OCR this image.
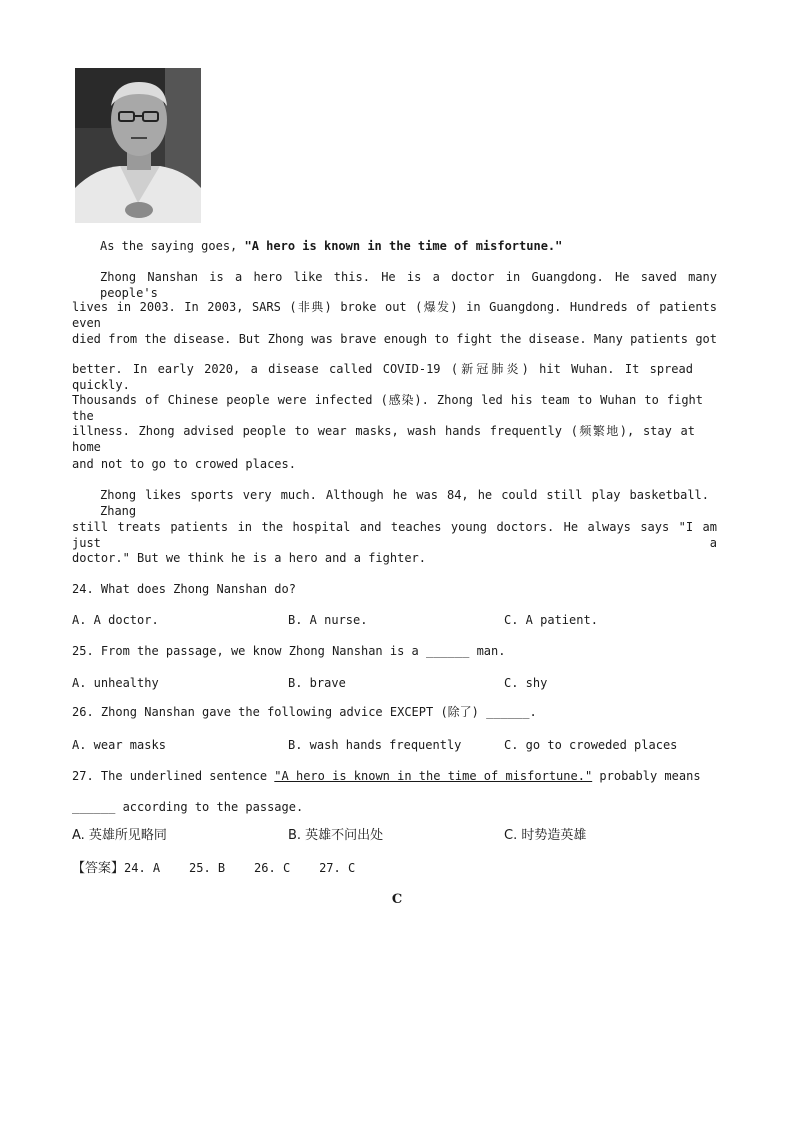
As the saying goes, "A hero is known in the time of misfortune."
Zhong Nanshan is a hero like this. He is a doctor in Guangdong. He saved many people's
lives in 2003. In 2003, SARS (非典) broke out (爆发) in Guangdong. Hundreds of patients even
died from the disease. But Zhong was brave enough to fight the disease. Many patients got
better. In early 2020, a disease called COVID-19 (新冠肺炎) hit Wuhan. It spread quickly.
Thousands of Chinese people were infected (感染). Zhong led his team to Wuhan to fight the
illness. Zhong advised people to wear masks, wash hands frequently (频繁地), stay at home
and not to go to crowed places.
Zhong likes sports very much. Although he was 84, he could still play basketball. Zhang
still treats patients in the hospital and teaches young doctors. He always says "I am just a
doctor." But we think he is a hero and a fighter.
24. What does Zhong Nanshan do?
A. A doctor.	B. A nurse.	C. A patient.
25. From the passage, we know Zhong Nanshan is a ______ man.
A. unhealthy	B. brave	C. shy
26. Zhong Nanshan gave the following advice EXCEPT (除了) ______.
A. wear masks	B. wash hands frequently	C. go to croweded places
27. The underlined sentence "A hero is known in the time of misfortune." probably means
______ according to the passage.
A. 英雄所见略同	B. 英雄不问出处	C. 时势造英雄
【答案】24. A    25. B    26. C    27. C
C
